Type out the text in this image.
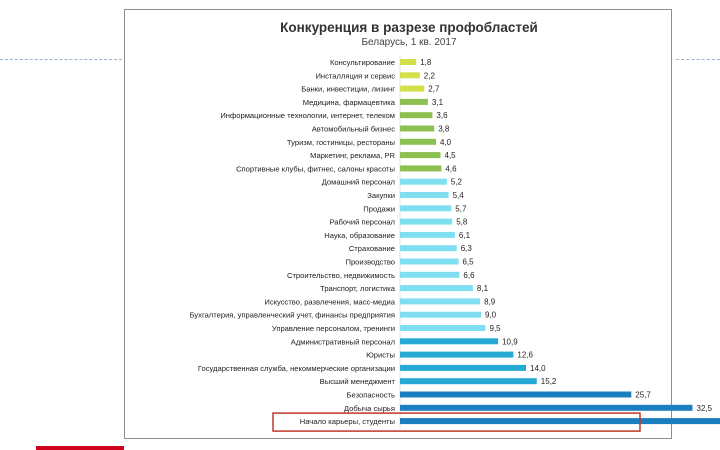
Конкуренция в разрезе профобластей
Беларусь, 1 кв. 2017
Консультирование	1,8
Инсталляция и сервис	2,2
Банки, инвестиции, лизинг	2,7
Медицина, фармацевтика	3,1
Информационные технологии, интернет, телеком	3,6
Автомобильный бизнес	3,8
Туризм, гостиницы, рестораны	4,0
Маркетинг, реклама, PR	4,5
Спортивные клубы, фитнес, салоны красоты	4,6
Домашний персонал	5,2
Закупки	5,4
Продажи	5,7
Рабочий персонал	5,8
Наука, образование	6,1
Страхование	6,3
Производство	6,5
Строительство, недвижимость	6,6
Транспорт, логистика	8,1
Искусство, развлечения, масс-медиа	8,9
Бухгалтерия, управленческий учет, финансы предприятия	9,0
Управление персоналом, тренинги	9,5
Административный персонал	10,9
Юристы	12,6
Государственная служба, некоммерческие организации	14,0
Высший менеджмент	15,2
Безопасность	25,7
Добыча сырья	32,5
Начало карьеры, студенты
